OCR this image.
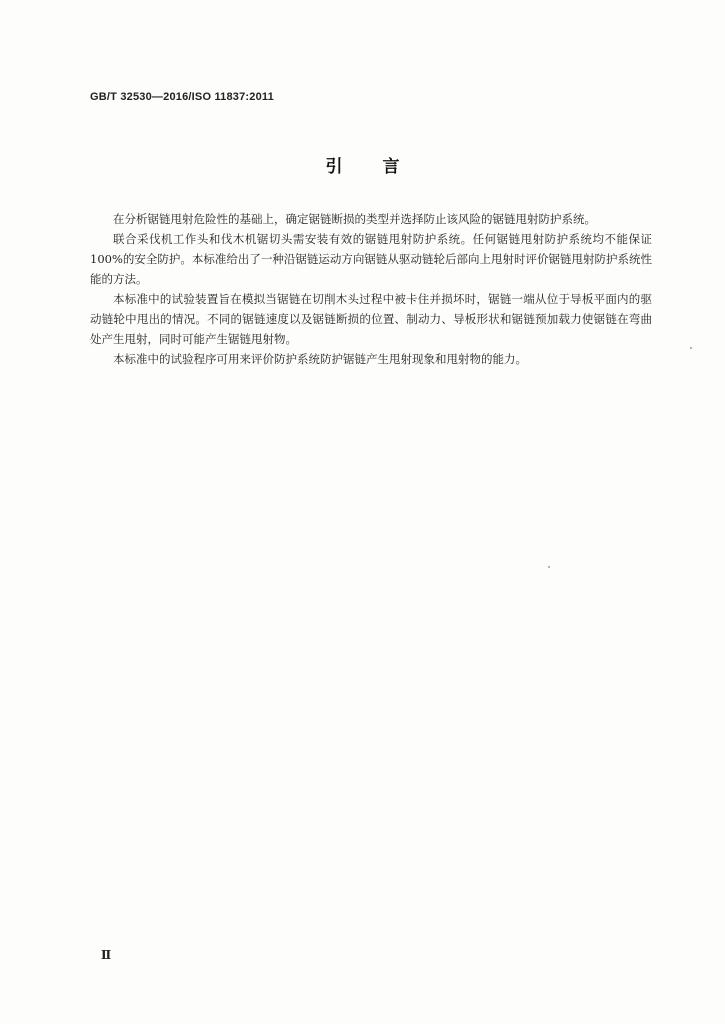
GB/T 32530—2016/ISO 11837:2011
引言

在分析锯链甩射危险性的基础上，确定锯链断损的类型并选择防止该风险的锯链甩射防护系统。

联合采伐机工作头和伐木机锯切头需安装有效的锯链甩射防护系统。任何锯链甩射防护系统均不能保证100%的安全防护。本标准给出了一种沿锯链运动方向锯链从驱动链轮后部向上甩射时评价锯链甩射防护系统性能的方法。

本标准中的试验装置旨在模拟当锯链在切削木头过程中被卡住并损坏时，锯链一端从位于导板平面内的驱动链轮中甩出的情况。不同的锯链速度以及锯链断损的位置、制动力、导板形状和锯链预加载力使锯链在弯曲处产生甩射，同时可能产生锯链甩射物。

本标准中的试验程序可用来评价防护系统防护锯链产生甩射现象和甩射物的能力。

Ⅱ
